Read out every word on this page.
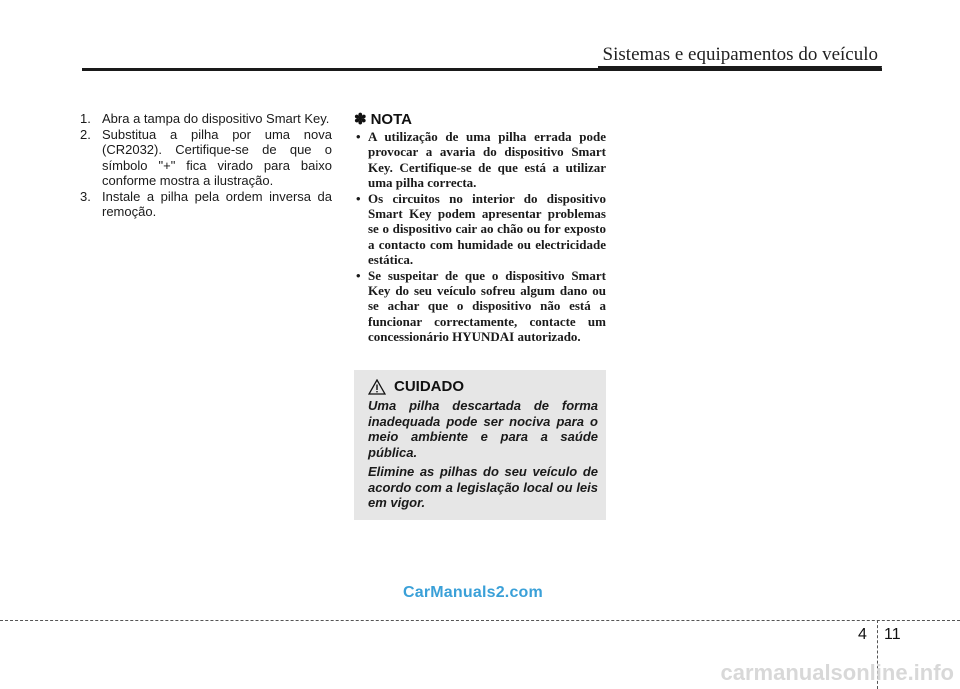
Sistemas e equipamentos do veículo
1. Abra a tampa do dispositivo Smart Key.
2. Substitua a pilha por uma nova (CR2032). Certifique-se de que o símbolo "+" fica virado para baixo conforme mostra a ilustração.
3. Instale a pilha pela ordem inversa da remoção.
✽ NOTA
• A utilização de uma pilha errada pode provocar a avaria do dispositivo Smart Key. Certifique-se de que está a utilizar uma pilha correcta.
• Os circuitos no interior do dispositivo Smart Key podem apresentar problemas se o dispositivo cair ao chão ou for exposto a contacto com humidade ou electricidade estática.
• Se suspeitar de que o dispositivo Smart Key do seu veículo sofreu algum dano ou se achar que o dispositivo não está a funcionar correctamente, contacte um concessionário HYUNDAI autorizado.
CUIDADO

Uma pilha descartada de forma inadequada pode ser nociva para o meio ambiente e para a saúde pública.

Elimine as pilhas do seu veículo de acordo com a legislação local ou leis em vigor.

CarManuals2.com
4 11
carmanualsonline.info
